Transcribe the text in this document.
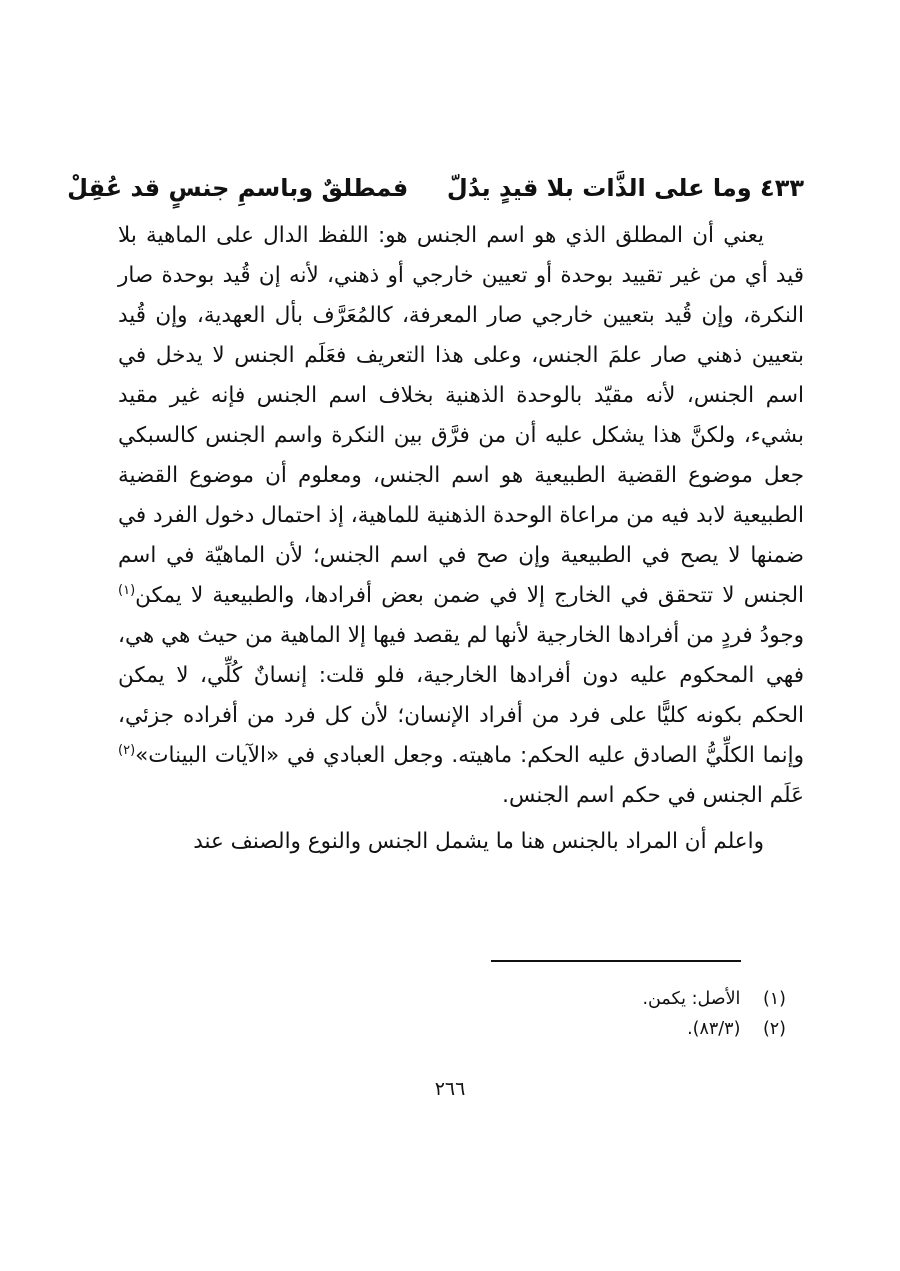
٤٣٣ وما على الذَّات بلا قيدٍ يدُلّ  فمطلقٌ وباسمِ جنسٍ قد عُقِلْ

يعني أن المطلق الذي هو اسم الجنس هو: اللفظ الدال على الماهية بلا قيد أي من غير تقييد بوحدة أو تعيين خارجي أو ذهني، لأنه إن قُيد بوحدة صار النكرة، وإن قُيد بتعيين خارجي صار المعرفة، كالمُعَرَّف بأل العهدية، وإن قُيد بتعيين ذهني صار علمَ الجنس، وعلى هذا التعريف فعَلَم الجنس لا يدخل في اسم الجنس، لأنه مقيّد بالوحدة الذهنية بخلاف اسم الجنس فإنه غير مقيد بشيء، ولكنَّ هذا يشكل عليه أن من فرَّق بين النكرة واسم الجنس كالسبكي جعل موضوع القضية الطبيعية هو اسم الجنس، ومعلوم أن موضوع القضية الطبيعية لابد فيه من مراعاة الوحدة الذهنية للماهية، إذ احتمال دخول الفرد في ضمنها لا يصح في الطبيعية وإن صح في اسم الجنس؛ لأن الماهيّة في اسم الجنس لا تتحقق في الخارج إلا في ضمن بعض أفرادها، والطبيعية لا يمكن$^{(١)}$ وجودُ فردٍ من أفرادها الخارجية لأنها لم يقصد فيها إلا الماهية من حيث هي هي، فهي المحكوم عليه دون أفرادها الخارجية، فلو قلت: إنسانٌ كُلِّي، لا يمكن الحكم بكونه كليًّا على فرد من أفراد الإنسان؛ لأن كل فرد من أفراده جزئي، وإنما الكلِّيُّ الصادق عليه الحكم: ماهيته. وجعل العبادي في «الآيات البينات»$^{(٢)}$ عَلَم الجنس في حكم اسم الجنس.

واعلم أن المراد بالجنس هنا ما يشمل الجنس والنوع والصنف عند

(١) الأصل: يكمن.
(٢) (٨٣/٣).
٢٦٦
